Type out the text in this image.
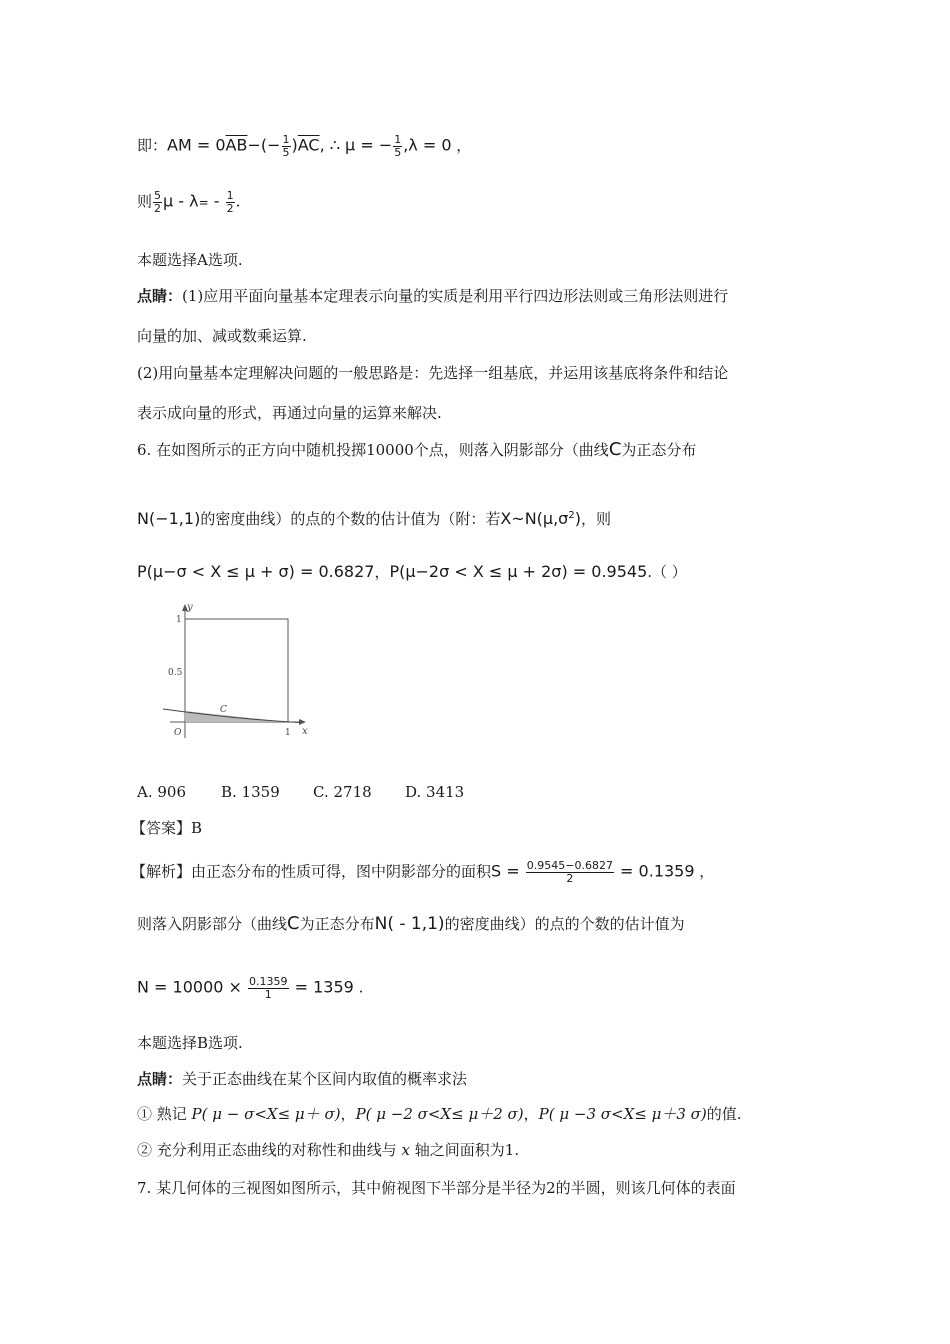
即：AM = $0\overline{AB}-(- \frac{1}{5} )\overline{AC}$, ∴ μ = − $\frac{1}{5} ,\lambda = 0$ ，
则 $\frac{5}{2}$ $\mu - \lambda= - \frac{1}{2}$ .
本题选择A选项.
点睛：(1)应用平面向量基本定理表示向量的实质是利用平行四边形法则或三角形法则进行
向量的加、减或数乘运算.
(2)用向量基本定理解决问题的一般思路是：先选择一组基底，并运用该基底将条件和结论
表示成向量的形式，再通过向量的运算来解决.
6. 在如图所示的正方向中随机投掷10000个点，则落入阴影部分（曲线C为正态分布
N(−1,1)的密度曲线）的点的个数的估计值为（附：若$X\sim N(\mu,\sigma^2)$，则
P(μ−σ < X ≤ μ + σ) = 0.6827，P(μ−2σ < X ≤ μ + 2σ) = 0.9545.（ ）
y
x
1
0.5
O	1
C
A. 906 B. 1359 C. 2718 D. 3413
【答案】B
【解析】由正态分布的性质可得，图中阴影部分的面积$S = \frac{0.9545-0.6827}{2} = 0.1359$ ，
则落入阴影部分（曲线C为正态分布N( - 1,1)的密度曲线）的点的个数的估计值为
$N = 10000 \times \frac{0.1359}{1} = 1359$ .
本题选择B选项.
点睛：关于正态曲线在某个区间内取值的概率求法
① 熟记 P( μ − σ<X≤ μ＋ σ)，P( μ −2 σ<X≤ μ＋2 σ)，P( μ −3 σ<X≤ μ＋3 σ)的值.
② 充分利用正态曲线的对称性和曲线与 x 轴之间面积为1.
7. 某几何体的三视图如图所示，其中俯视图下半部分是半径为2的半圆，则该几何体的表面
